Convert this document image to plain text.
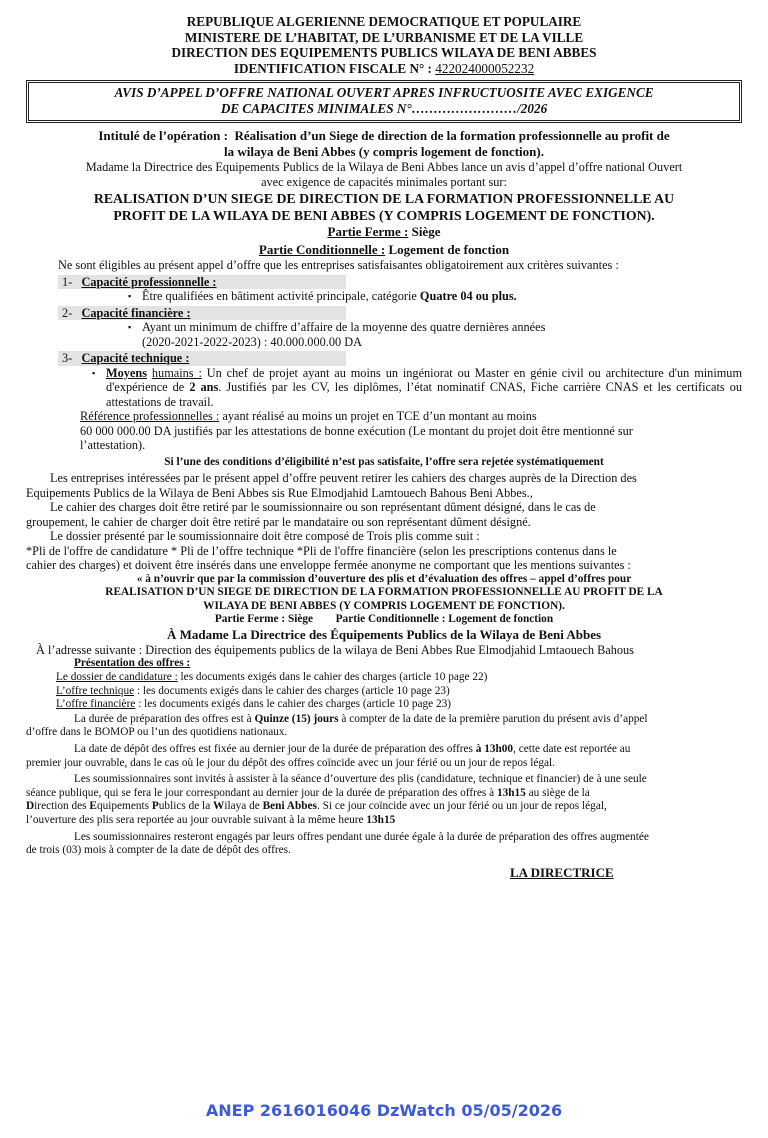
REPUBLIQUE ALGERIENNE DEMOCRATIQUE ET POPULAIRE
MINISTERE DE L’HABITAT, DE L’URBANISME ET DE LA VILLE
DIRECTION DES EQUIPEMENTS PUBLICS WILAYA DE BENI ABBES
IDENTIFICATION FISCALE N° : 422024000052232
AVIS D’APPEL D’OFFRE NATIONAL OUVERT APRES INFRUCTUOSITE AVEC EXIGENCE
DE CAPACITES MINIMALES N°……………………/2026
Intitulé de l’opération : Réalisation d’un Siege de direction de la formation professionnelle au profit de
la wilaya de Beni Abbes (y compris logement de fonction).
Madame la Directrice des Equipements Publics de la Wilaya de Beni Abbes lance un avis d’appel d’offre national Ouvert
avec exigence de capacités minimales portant sur:
REALISATION D’UN SIEGE DE DIRECTION DE LA FORMATION PROFESSIONNELLE AU
PROFIT DE LA WILAYA DE BENI ABBES (Y COMPRIS LOGEMENT DE FONCTION).
Partie Ferme : Siège
Partie Conditionnelle : Logement de fonction
Ne sont éligibles au présent appel d’offre que les entreprises satisfaisantes obligatoirement aux critères suivantes :
1- Capacité professionnelle :
▪ Être qualifiées en bâtiment activité principale, catégorie Quatre 04 ou plus.
2- Capacité financière :
▪ Ayant un minimum de chiffre d’affaire de la moyenne des quatre dernières années
(2020-2021-2022-2023) : 40.000.000.00 DA
3- Capacité technique :
▪ Moyens humains : Un chef de projet ayant au moins un ingéniorat ou Master en génie civil ou architecture d'un minimum d'expérience de 2 ans. Justifiés par les CV, les diplômes, l’état nominatif CNAS, Fiche carrière CNAS et les certificats ou attestations de travail.
Référence professionnelles : ayant réalisé au moins un projet en TCE d’un montant au moins
60 000 000.00 DA justifiés par les attestations de bonne exécution (Le montant du projet doit être mentionné sur
l’attestation).
Si l’une des conditions d’éligibilité n’est pas satisfaite, l’offre sera rejetée systématiquement
Les entreprises intéressées par le présent appel d’offre peuvent retirer les cahiers des charges auprès de la Direction des
Equipements Publics de la Wilaya de Beni Abbes sis Rue Elmodjahid Lamtouech Bahous Beni Abbes.,
Le cahier des charges doit être retiré par le soumissionnaire ou son représentant dûment désigné, dans le cas de
groupement, le cahier de charger doit être retiré par le mandataire ou son représentant dûment désigné.
Le dossier présenté par le soumissionnaire doit être composé de Trois plis comme suit :
*Pli de l'offre de candidature * Pli de l’offre technique *Pli de l'offre financière (selon les prescriptions contenus dans le
cahier des charges) et doivent être insérés dans une enveloppe fermée anonyme ne comportant que les mentions suivantes :
« à n’ouvrir que par la commission d’ouverture des plis et d’évaluation des offres – appel d’offres pour
REALISATION D’UN SIEGE DE DIRECTION DE LA FORMATION PROFESSIONNELLE AU PROFIT DE LA
WILAYA DE BENI ABBES (Y COMPRIS LOGEMENT DE FONCTION).
Partie Ferme : Siège Partie Conditionnelle : Logement de fonction
À Madame La Directrice des Équipements Publics de la Wilaya de Beni Abbes
À l’adresse suivante : Direction des équipements publics de la wilaya de Beni Abbes Rue Elmodjahid Lmtaouech Bahous
Présentation des offres :
Le dossier de candidature : les documents exigés dans le cahier des charges (article 10 page 22)
L’offre technique : les documents exigés dans le cahier des charges (article 10 page 23)
L’offre financière : les documents exigés dans le cahier des charges (article 10 page 23)
La durée de préparation des offres est à Quinze (15) jours à compter de la date de la première parution du présent avis d’appel
d’offre dans le BOMOP ou l’un des quotidiens nationaux.
La date de dépôt des offres est fixée au dernier jour de la durée de préparation des offres à 13h00, cette date est reportée au
premier jour ouvrable, dans le cas où le jour du dépôt des offres coïncide avec un jour férié ou un jour de repos légal.
Les soumissionnaires sont invités à assister à la séance d’ouverture des plis (candidature, technique et financier) de à une seule
séance publique, qui se fera le jour correspondant au dernier jour de la durée de préparation des offres à 13h15 au siège de la
Direction des Equipements Publics de la Wilaya de Beni Abbes. Si ce jour coïncide avec un jour férié ou un jour de repos légal,
l’ouverture des plis sera reportée au jour ouvrable suivant à la même heure 13h15
Les soumissionnaires resteront engagés par leurs offres pendant une durée égale à la durée de préparation des offres augmentée
de trois (03) mois à compter de la date de dépôt des offres.
LA DIRECTRICE
ANEP 2616016046 DzWatch 05/05/2026
